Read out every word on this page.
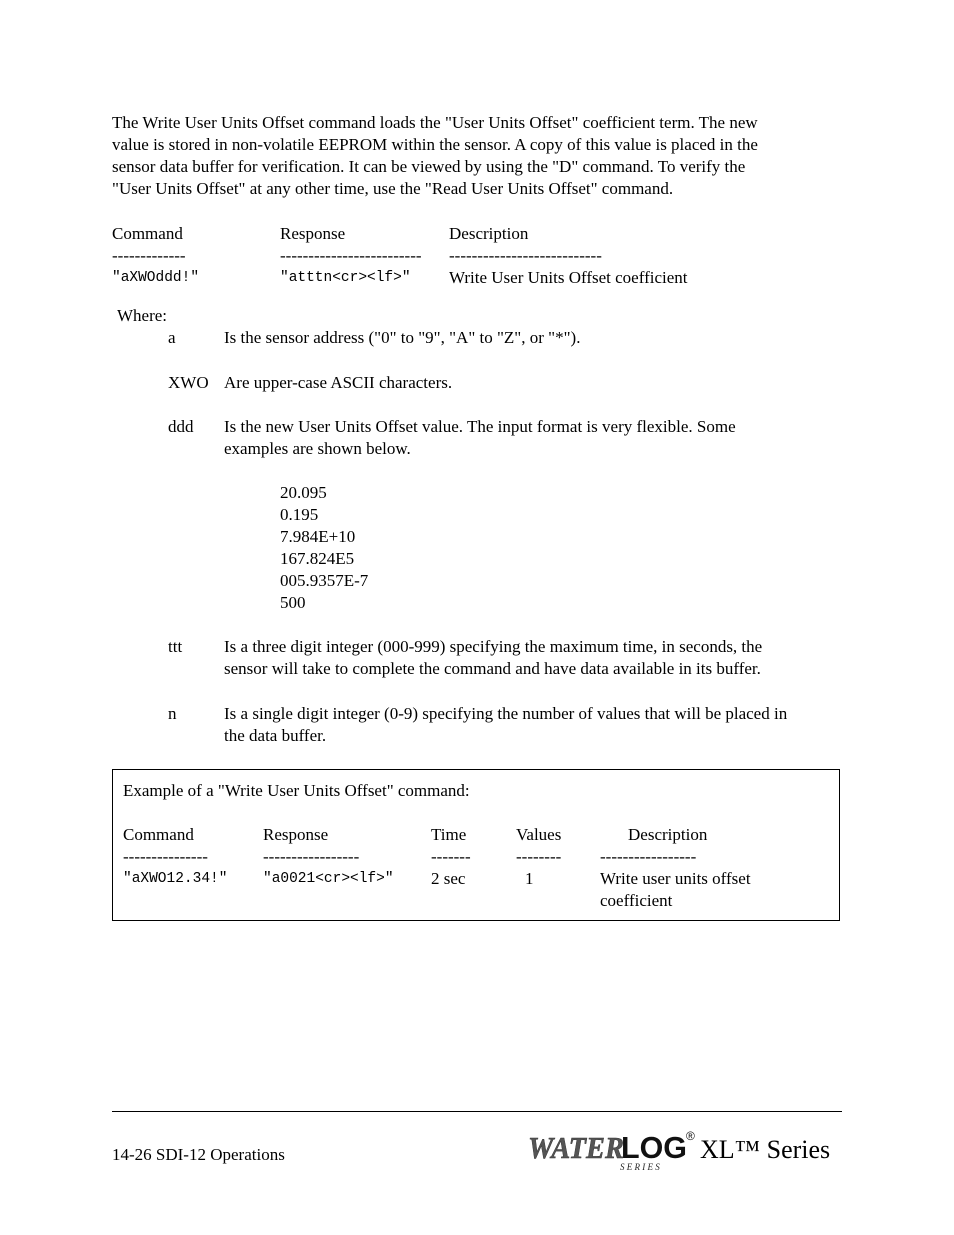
The Write User Units Offset command loads the "User Units Offset" coefficient term. The new
value is stored in non-volatile EEPROM within the sensor. A copy of this value is placed in the
sensor data buffer for verification. It can be viewed by using the "D" command. To verify the
"User Units Offset" at any other time, use the "Read User Units Offset" command.
Command	Response	Description
-------------	------------------------- ---------------------------
"aXWOddd!"	"atttn<cr><lf>" Write User Units Offset coefficient
Where:
a	Is the sensor address ("0" to "9", "A" to "Z", or "*").
XWO Are upper-case ASCII characters.
ddd Is the new User Units Offset value. The input format is very flexible. Some
examples are shown below.
20.095
0.195
7.984E+10
167.824E5
005.9357E-7
500
ttt Is a three digit integer (000-999) specifying the maximum time, in seconds, the
sensor will take to complete the command and have data available in its buffer.
n	Is a single digit integer (0-9) specifying the number of values that will be placed in
the data buffer.
Example of a "Write User Units Offset" command:
Command	Response	Time	Values	Description
---------------	-----------------	-------	-------- -----------------
"aXWO12.34!" "a0021<cr><lf>" 2 sec	1	Write user units offset
coefficient
14-26 SDI-12 Operations	WATER
LOG
S E R I E S
® XL™ Series
